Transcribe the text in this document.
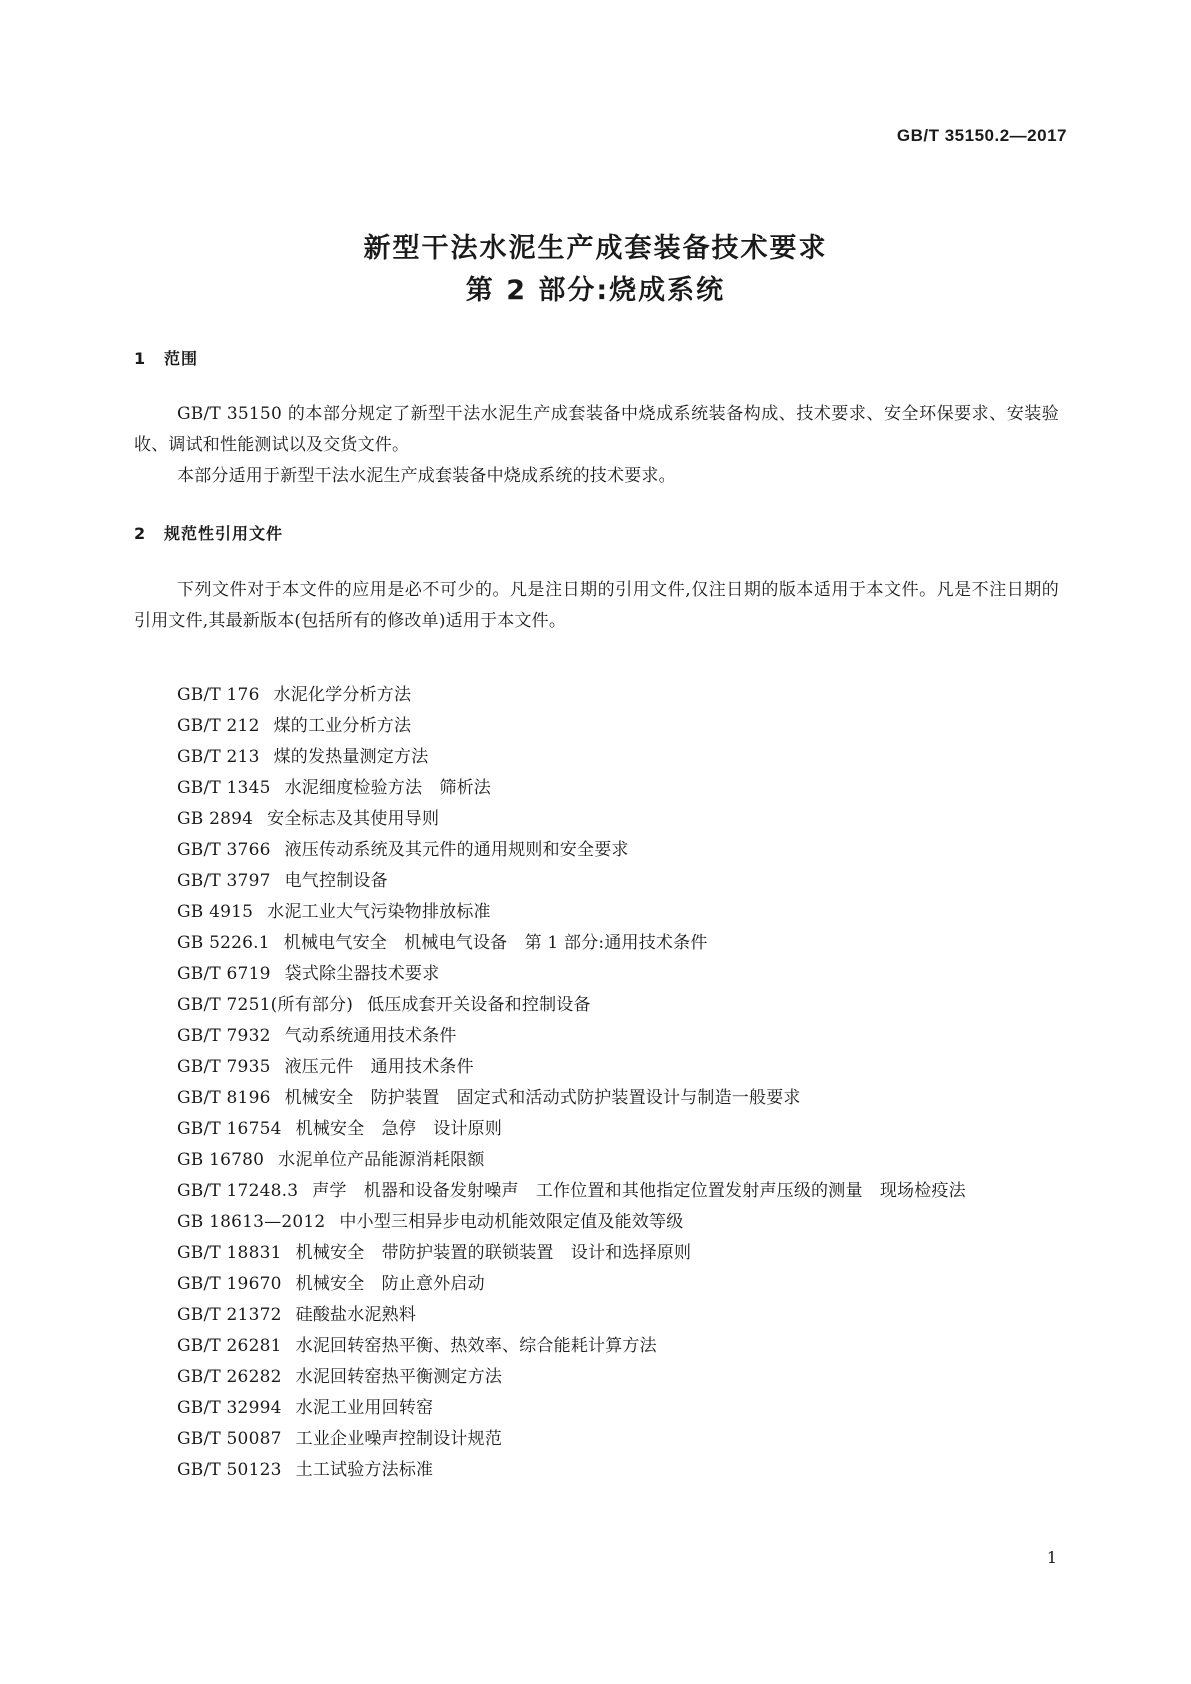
GB/T 35150.2—2017
新型干法水泥生产成套装备技术要求
第 2 部分:烧成系统
1 范围
GB/T 35150 的本部分规定了新型干法水泥生产成套装备中烧成系统装备构成、技术要求、安全环保要求、安装验收、调试和性能测试以及交货文件。
本部分适用于新型干法水泥生产成套装备中烧成系统的技术要求。
2 规范性引用文件
下列文件对于本文件的应用是必不可少的。凡是注日期的引用文件,仅注日期的版本适用于本文件。凡是不注日期的引用文件,其最新版本(包括所有的修改单)适用于本文件。
GB/T 176 水泥化学分析方法
GB/T 212 煤的工业分析方法
GB/T 213 煤的发热量测定方法
GB/T 1345 水泥细度检验方法　筛析法
GB 2894 安全标志及其使用导则
GB/T 3766 液压传动系统及其元件的通用规则和安全要求
GB/T 3797 电气控制设备
GB 4915 水泥工业大气污染物排放标准
GB 5226.1 机械电气安全　机械电气设备　第 1 部分:通用技术条件
GB/T 6719 袋式除尘器技术要求
GB/T 7251(所有部分) 低压成套开关设备和控制设备
GB/T 7932 气动系统通用技术条件
GB/T 7935 液压元件　通用技术条件
GB/T 8196 机械安全　防护装置　固定式和活动式防护装置设计与制造一般要求
GB/T 16754 机械安全　急停　设计原则
GB 16780 水泥单位产品能源消耗限额
GB/T 17248.3 声学　机器和设备发射噪声　工作位置和其他指定位置发射声压级的测量　现场检疫法
GB 18613—2012 中小型三相异步电动机能效限定值及能效等级
GB/T 18831 机械安全　带防护装置的联锁装置　设计和选择原则
GB/T 19670 机械安全　防止意外启动
GB/T 21372 硅酸盐水泥熟料
GB/T 26281 水泥回转窑热平衡、热效率、综合能耗计算方法
GB/T 26282 水泥回转窑热平衡测定方法
GB/T 32994 水泥工业用回转窑
GB/T 50087 工业企业噪声控制设计规范
GB/T 50123 土工试验方法标准
1
